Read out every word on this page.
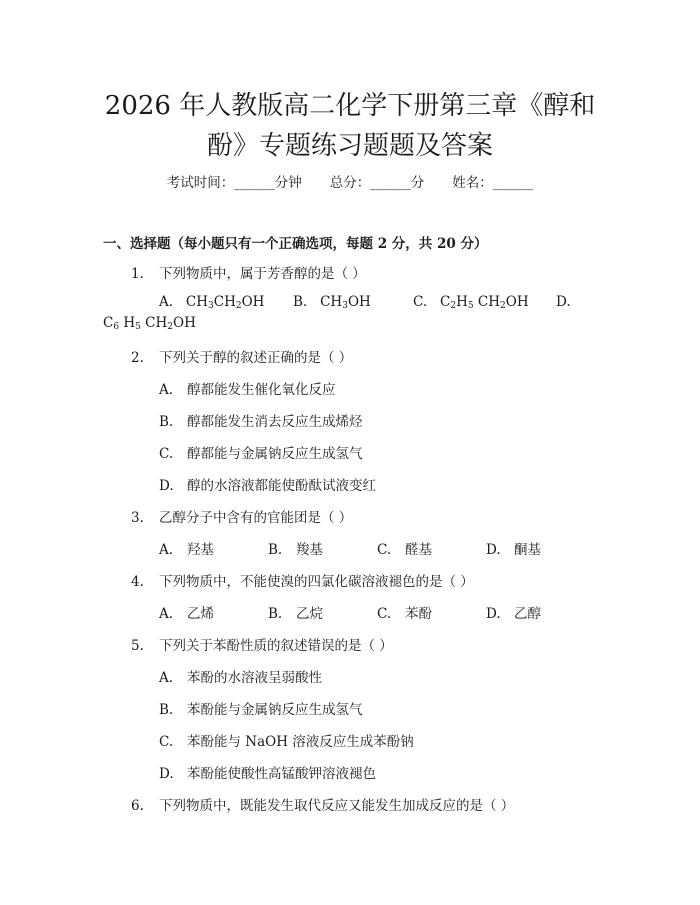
2026 年人教版高二化学下册第三章《醇和
酚》专题练习题题及答案
考试时间：______分钟 总分：______分 姓名：______
一、选择题（每小题只有一个正确选项，每题 2 分，共 20 分）
1. 下列物质中，属于芳香醇的是（ ）
A. $CH_3CH_2OH$ B. $CH_3OH$	C. $C_2H_5$ $CH_2OH$ D.
$C_6$ $H_5$ $CH_2OH$
2. 下列关于醇的叙述正确的是（ ）
A. 醇都能发生催化氧化反应
B. 醇都能发生消去反应生成烯烃
C. 醇都能与金属钠反应生成氢气
D. 醇的水溶液都能使酚酞试液变红
3. 乙醇分子中含有的官能团是（ ）
A. 羟基	B. 羧基	C. 醛基	D. 酮基
4. 下列物质中，不能使溴的四氯化碳溶液褪色的是（ ）
A. 乙烯	B. 乙烷	C. 苯酚	D. 乙醇
5. 下列关于苯酚性质的叙述错误的是（ ）
A. 苯酚的水溶液呈弱酸性
B. 苯酚能与金属钠反应生成氢气
C. 苯酚能与 NaOH 溶液反应生成苯酚钠
D. 苯酚能使酸性高锰酸钾溶液褪色
6. 下列物质中，既能发生取代反应又能发生加成反应的是（ ）
